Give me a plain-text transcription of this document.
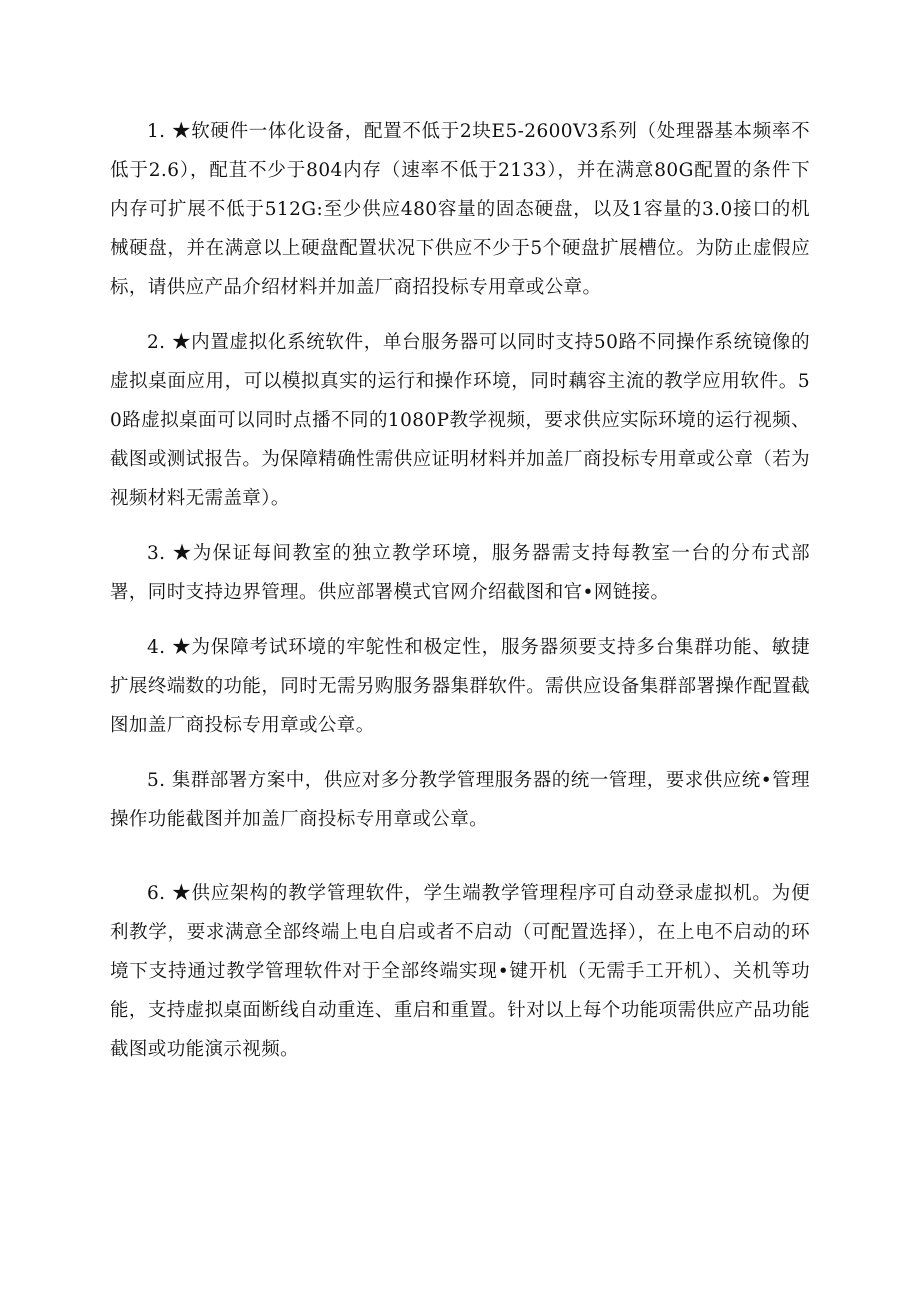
1. ★软硬件一体化设备，配置不低于2块E5-2600V3系列（处理器基本频率不低于2.6），配苴不少于804内存（速率不低于2133），并在满意80G配置的条件下内存可扩展不低于512G:至少供应480容量的固态硬盘，以及1容量的3.0接口的机械硬盘，并在满意以上硬盘配置状况下供应不少于5个硬盘扩展槽位。为防止虚假应标，请供应产品介绍材料并加盖厂商招投标专用章或公章。

2. ★内置虚拟化系统软件，单台服务器可以同时支持50路不同操作系统镜像的虚拟桌面应用，可以模拟真实的运行和操作环境，同时藕容主流的教学应用软件。50路虚拟桌面可以同时点播不同的1080P教学视频，要求供应实际环境的运行视频、截图或测试报告。为保障精确性需供应证明材料并加盖厂商投标专用章或公章（若为视频材料无需盖章）。

3. ★为保证每间教室的独立教学环境，服务器需支持每教室一台的分布式部署，同时支持边界管理。供应部署模式官网介绍截图和官•网链接。

4. ★为保障考试环境的牢鸵性和极定性，服务器须要支持多台集群功能、敏捷扩展终端数的功能，同时无需另购服务器集群软件。需供应设备集群部署操作配置截图加盖厂商投标专用章或公章。

5. 集群部署方案中，供应对多分教学管理服务器的统一管理，要求供应统•管理操作功能截图并加盖厂商投标专用章或公章。

6. ★供应架构的教学管理软件，学生端教学管理程序可自动登录虚拟机。为便利教学，要求满意全部终端上电自启或者不启动（可配置选择），在上电不启动的环境下支持通过教学管理软件对于全部终端实现•键开机（无需手工开机）、关机等功能，支持虚拟桌面断线自动重连、重启和重置。针对以上每个功能项需供应产品功能截图或功能演示视频。
